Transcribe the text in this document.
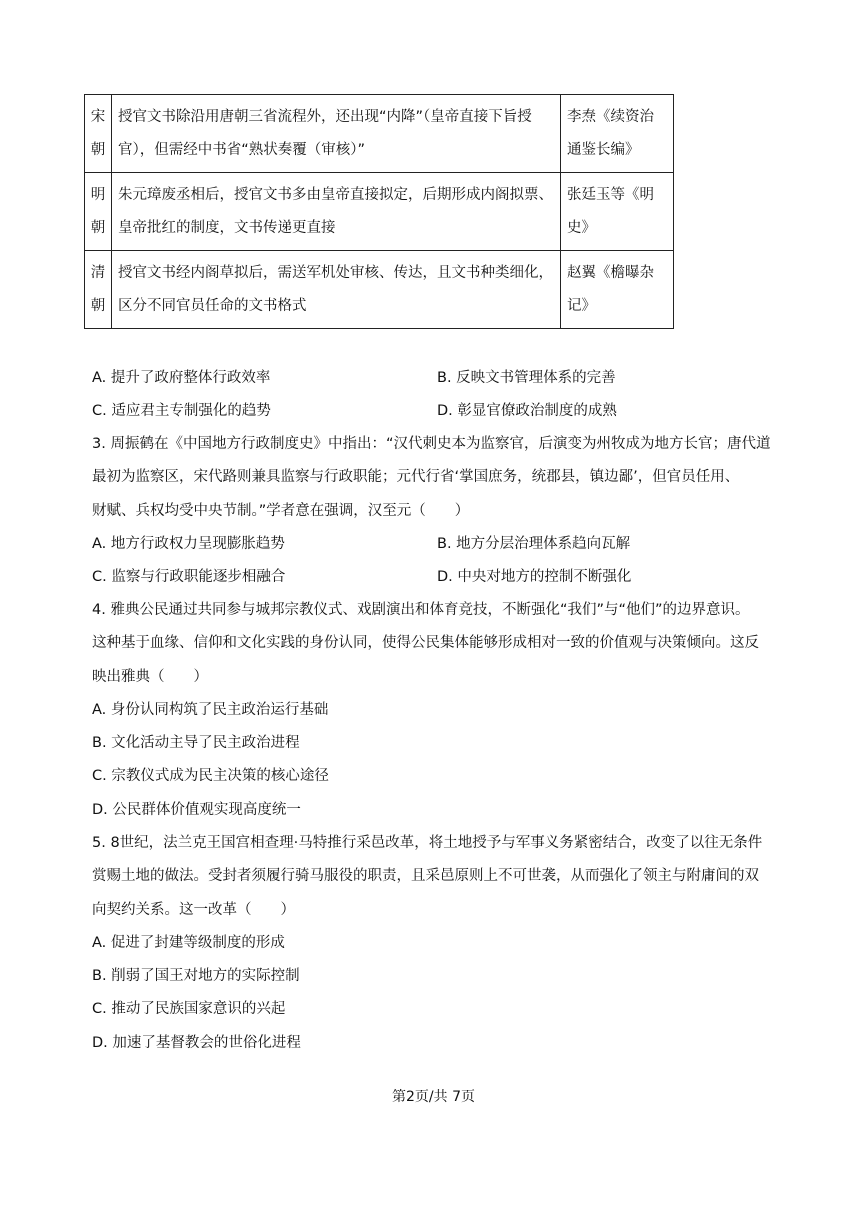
宋朝	授官文书除沿用唐朝三省流程外，还出现“内降”（皇帝直接下旨授官），但需经中书省“熟状奏覆（审核）”	李焘《续资治通鉴长编》
明朝	朱元璋废丞相后，授官文书多由皇帝直接拟定，后期形成内阁拟票、皇帝批红的制度，文书传递更直接	张廷玉等《明史》
清朝	授官文书经内阁草拟后，需送军机处审核、传达，且文书种类细化，区分不同官员任命的文书格式	赵翼《檐曝杂记》
A. 提升了政府整体行政效率	B. 反映文书管理体系的完善
C. 适应君主专制强化的趋势	D. 彰显官僚政治制度的成熟
3. 周振鹤在《中国地方行政制度史》中指出：“汉代刺史本为监察官，后演变为州牧成为地方长官；唐代道
最初为监察区，宋代路则兼具监察与行政职能；元代行省‘掌国庶务，统郡县，镇边鄙’，但官员任用、
财赋、兵权均受中央节制。”学者意在强调，汉至元（　　）
A. 地方行政权力呈现膨胀趋势	B. 地方分层治理体系趋向瓦解
C. 监察与行政职能逐步相融合	D. 中央对地方的控制不断强化
4. 雅典公民通过共同参与城邦宗教仪式、戏剧演出和体育竞技，不断强化“我们”与“他们”的边界意识。
这种基于血缘、信仰和文化实践的身份认同，使得公民集体能够形成相对一致的价值观与决策倾向。这反
映出雅典（　　）
A. 身份认同构筑了民主政治运行基础
B. 文化活动主导了民主政治进程
C. 宗教仪式成为民主决策的核心途径
D. 公民群体价值观实现高度统一
5. 8世纪，法兰克王国宫相查理·马特推行采邑改革，将土地授予与军事义务紧密结合，改变了以往无条件
赏赐土地的做法。受封者须履行骑马服役的职责，且采邑原则上不可世袭，从而强化了领主与附庸间的双
向契约关系。这一改革（　　）
A. 促进了封建等级制度的形成
B. 削弱了国王对地方的实际控制
C. 推动了民族国家意识的兴起
D. 加速了基督教会的世俗化进程
第2页/共 7页
